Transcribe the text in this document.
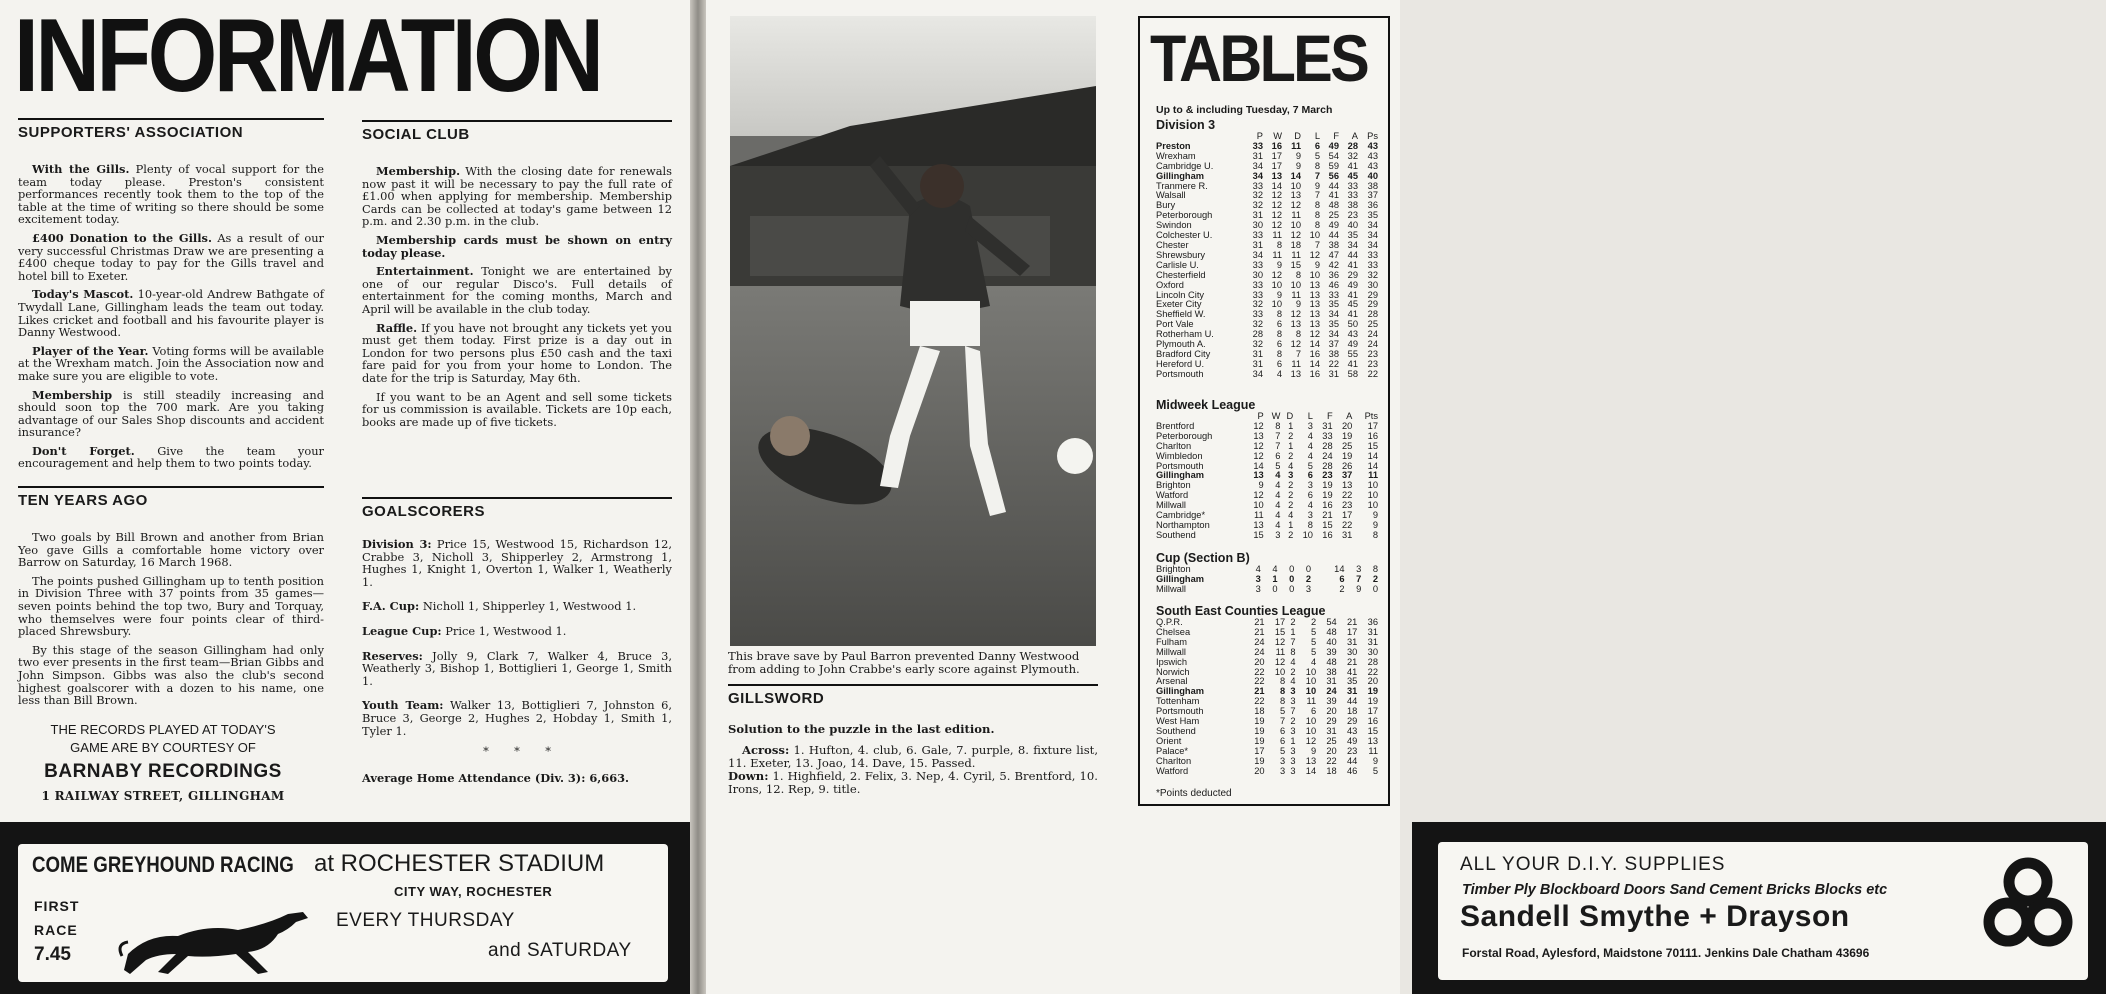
INFORMATION
SUPPORTERS' ASSOCIATION

With the Gills. Plenty of vocal support for the team today please. Preston's consistent performances recently took them to the top of the table at the time of writing so there should be some excitement today.

£400 Donation to the Gills. As a result of our very successful Christmas Draw we are presenting a £400 cheque today to pay for the Gills travel and hotel bill to Exeter.

Today's Mascot. 10-year-old Andrew Bathgate of Twydall Lane, Gillingham leads the team out today. Likes cricket and football and his favourite player is Danny Westwood.

Player of the Year. Voting forms will be available at the Wrexham match. Join the Association now and make sure you are eligible to vote.

Membership is still steadily increasing and should soon top the 700 mark. Are you taking advantage of our Sales Shop discounts and accident insurance?

Don't Forget. Give the team your encouragement and help them to two points today.

TEN YEARS AGO

Two goals by Bill Brown and another from Brian Yeo gave Gills a comfortable home victory over Barrow on Saturday, 16 March 1968.

The points pushed Gillingham up to tenth position in Division Three with 37 points from 35 games—seven points behind the top two, Bury and Torquay, who themselves were four points clear of third-placed Shrewsbury.

By this stage of the season Gillingham had only two ever presents in the first team—Brian Gibbs and John Simpson. Gibbs was also the club's second highest goalscorer with a dozen to his name, one less than Bill Brown.

THE RECORDS PLAYED AT TODAY'S
GAME ARE BY COURTESY OF
BARNABY RECORDINGS
1 RAILWAY STREET, GILLINGHAM
SOCIAL CLUB

Membership. With the closing date for renewals now past it will be necessary to pay the full rate of £1.00 when applying for membership. Membership Cards can be collected at today's game between 12 p.m. and 2.30 p.m. in the club.

Membership cards must be shown on entry today please.

Entertainment. Tonight we are entertained by one of our regular Disco's. Full details of entertainment for the coming months, March and April will be available in the club today.

Raffle. If you have not brought any tickets yet you must get them today. First prize is a day out in London for two persons plus £50 cash and the taxi fare paid for you from your home to London. The date for the trip is Saturday, May 6th.

If you want to be an Agent and sell some tickets for us commission is available. Tickets are 10p each, books are made up of five tickets.

GOALSCORERS

Division 3: Price 15, Westwood 15, Richardson 12, Crabbe 3, Nicholl 3, Shipperley 2, Armstrong 1, Hughes 1, Knight 1, Overton 1, Walker 1, Weatherly 1.

F.A. Cup: Nicholl 1, Shipperley 1, Westwood 1.

League Cup: Price 1, Westwood 1.

Reserves: Jolly 9, Clark 7, Walker 4, Bruce 3, Weatherly 3, Bishop 1, Bottiglieri 1, George 1, Smith 1.

Youth Team: Walker 13, Bottiglieri 7, Johnston 6, Bruce 3, George 2, Hughes 2, Hobday 1, Smith 1, Tyler 1.

*       *       *

Average Home Attendance (Div. 3): 6,663.

COME GREYHOUND RACING at ROCHESTER STADIUM
FIRST
RACE
7.45
CITY WAY, ROCHESTER
EVERY THURSDAY
and SATURDAY
This brave save by Paul Barron prevented Danny Westwood from adding to John Crabbe's early score against Plymouth.
GILLSWORD

Solution to the puzzle in the last edition.

Across: 1. Hufton, 4. club, 6. Gale, 7. purple, 8. fixture list, 11. Exeter, 13. Joao, 14. Dave, 15. Passed.

Down: 1. Highfield, 2. Felix, 3. Nep, 4. Cyril, 5. Brentford, 10. Irons, 12. Rep, 9. title.

TABLES
Up to & including Tuesday, 7 March
Division 3
	P	W	D	L	F	A	Ps
Preston	33	16	11	6	49	28	43
Wrexham	31	17	9	5	54	32	43
Cambridge U.	34	17	9	8	59	41	43
Gillingham	34	13	14	7	56	45	40
Tranmere R.	33	14	10	9	44	33	38
Walsall	32	12	13	7	41	33	37
Bury	32	12	12	8	48	38	36
Peterborough	31	12	11	8	25	23	35
Swindon	30	12	10	8	49	40	34
Colchester U.	33	11	12	10	44	35	34
Chester	31	8	18	7	38	34	34
Shrewsbury	34	11	11	12	47	44	33
Carlisle U.	33	9	15	9	42	41	33
Chesterfield	30	12	8	10	36	29	32
Oxford	33	10	10	13	46	49	30
Lincoln City	33	9	11	13	33	41	29
Exeter City	32	10	9	13	35	45	29
Sheffield W.	33	8	12	13	34	41	28
Port Vale	32	6	13	13	35	50	25
Rotherham U.	28	8	8	12	34	43	24
Plymouth A.	32	6	12	14	37	49	24
Bradford City	31	8	7	16	38	55	23
Hereford U.	31	6	11	14	22	41	23
Portsmouth	34	4	13	16	31	58	22
Midweek League
	P	W	D	L	F	A	Pts
Brentford	12	8	1	3	31	20	17
Peterborough	13	7	2	4	33	19	16
Charlton	12	7	1	4	28	25	15
Wimbledon	12	6	2	4	24	19	14
Portsmouth	14	5	4	5	28	26	14
Gillingham	13	4	3	6	23	37	11
Brighton	9	4	2	3	19	13	10
Watford	12	4	2	6	19	22	10
Millwall	10	4	2	4	16	23	10
Cambridge*	11	4	4	3	21	17	9
Northampton	13	4	1	8	15	22	9
Southend	15	3	2	10	16	31	8
Cup (Section B)
Brighton	4	4	0	0	14	3	8
Gillingham	3	1	0	2	6	7	2
Millwall	3	0	0	3	2	9	0
South East Counties League
Q.P.R.	21	17	2	2	54	21	36
Chelsea	21	15	1	5	48	17	31
Fulham	24	12	7	5	40	31	31
Millwall	24	11	8	5	39	30	30
Ipswich	20	12	4	4	48	21	28
Norwich	22	10	2	10	38	41	22
Arsenal	22	8	4	10	31	35	20
Gillingham	21	8	3	10	24	31	19
Tottenham	22	8	3	11	39	44	19
Portsmouth	18	5	7	6	20	18	17
West Ham	19	7	2	10	29	29	16
Southend	19	6	3	10	31	43	15
Orient	19	6	1	12	25	49	13
Palace*	17	5	3	9	20	23	11
Charlton	19	3	3	13	22	44	9
Watford	20	3	3	14	18	46	5
*Points deducted
ALL YOUR D.I.Y. SUPPLIES
Timber Ply Blockboard Doors Sand Cement Bricks Blocks etc
Sandell Smythe + Drayson
Forstal Road, Aylesford, Maidstone 70111. Jenkins Dale Chatham 43696
